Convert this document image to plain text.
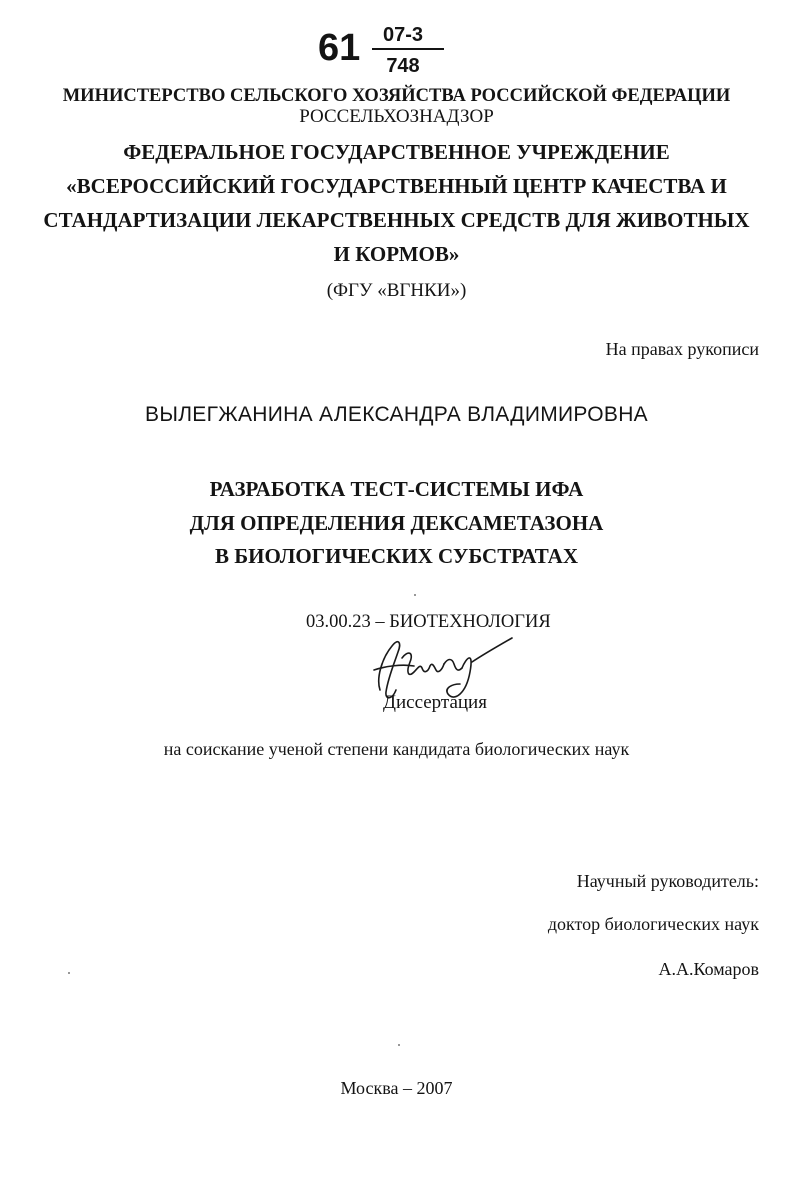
61 07-3
748
МИНИСТЕРСТВО СЕЛЬСКОГО ХОЗЯЙСТВА РОССИЙСКОЙ ФЕДЕРАЦИИ
РОССЕЛЬХОЗНАДЗОР
ФЕДЕРАЛЬНОЕ ГОСУДАРСТВЕННОЕ УЧРЕЖДЕНИЕ
«ВСЕРОССИЙСКИЙ ГОСУДАРСТВЕННЫЙ ЦЕНТР КАЧЕСТВА И
СТАНДАРТИЗАЦИИ ЛЕКАРСТВЕННЫХ СРЕДСТВ ДЛЯ ЖИВОТНЫХ
И КОРМОВ»
(ФГУ «ВГНКИ»)
На правах рукописи
ВЫЛЕГЖАНИНА АЛЕКСАНДРА ВЛАДИМИРОВНА
РАЗРАБОТКА ТЕСТ-СИСТЕМЫ ИФА
ДЛЯ ОПРЕДЕЛЕНИЯ ДЕКСАМЕТАЗОНА
В БИОЛОГИЧЕСКИХ СУБСТРАТАХ
03.00.23 – БИОТЕХНОЛОГИЯ
Диссертация
на соискание ученой степени кандидата биологических наук
Научный руководитель:
доктор биологических наук
А.А.Комаров
Москва – 2007
